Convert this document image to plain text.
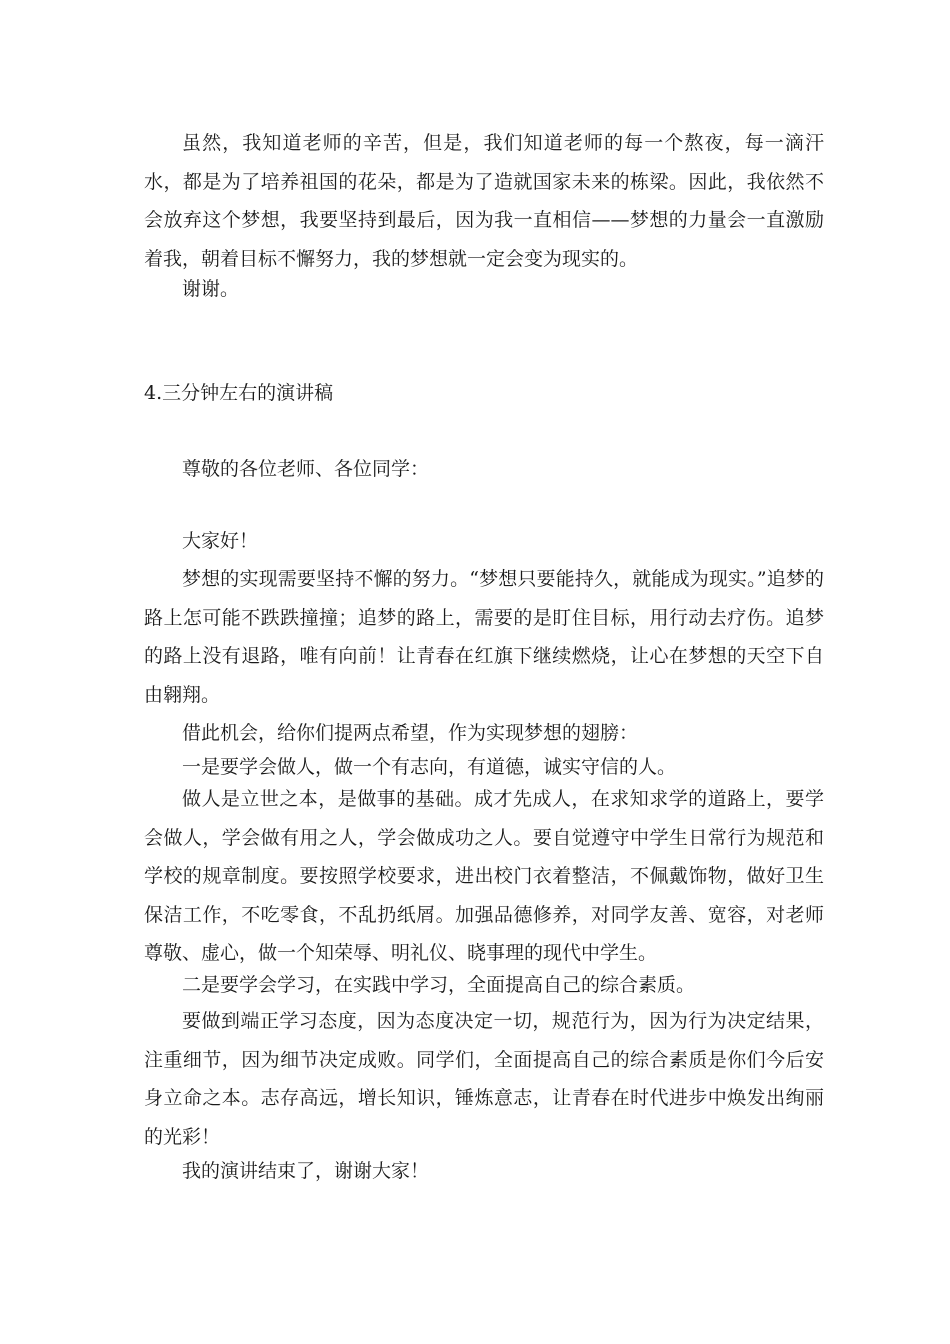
虽然，我知道老师的辛苦，但是，我们知道老师的每一个熬夜，每一滴汗水，都是为了培养祖国的花朵，都是为了造就国家未来的栋梁。因此，我依然不会放弃这个梦想，我要坚持到最后，因为我一直相信——梦想的力量会一直激励着我，朝着目标不懈努力，我的梦想就一定会变为现实的。

谢谢。

4.三分钟左右的演讲稿

尊敬的各位老师、各位同学：

大家好！

梦想的实现需要坚持不懈的努力。“梦想只要能持久，就能成为现实。”追梦的路上怎可能不跌跌撞撞；追梦的路上，需要的是盯住目标，用行动去疗伤。追梦的路上没有退路，唯有向前！让青春在红旗下继续燃烧，让心在梦想的天空下自由翱翔。

借此机会，给你们提两点希望，作为实现梦想的翅膀：

一是要学会做人，做一个有志向，有道德，诚实守信的人。

做人是立世之本，是做事的基础。成才先成人，在求知求学的道路上，要学会做人，学会做有用之人，学会做成功之人。要自觉遵守中学生日常行为规范和学校的规章制度。要按照学校要求，进出校门衣着整洁，不佩戴饰物，做好卫生保洁工作，不吃零食，不乱扔纸屑。加强品德修养，对同学友善、宽容，对老师尊敬、虚心，做一个知荣辱、明礼仪、晓事理的现代中学生。

二是要学会学习，在实践中学习，全面提高自己的综合素质。

要做到端正学习态度，因为态度决定一切，规范行为，因为行为决定结果，注重细节，因为细节决定成败。同学们，全面提高自己的综合素质是你们今后安身立命之本。志存高远，增长知识，锤炼意志，让青春在时代进步中焕发出绚丽的光彩！

我的演讲结束了，谢谢大家！
